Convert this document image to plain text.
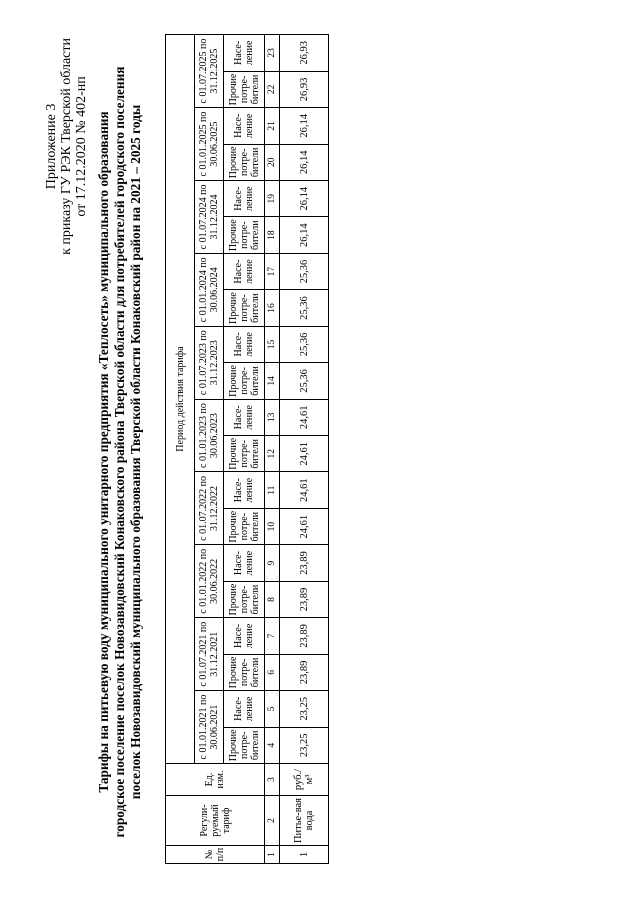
Приложение 3 к приказу ГУ РЭК Тверской области от 17.12.2020 № 402-нп Тарифы на питьевую воду муниципального унитарного предприятия «Теплосеть» муниципального образования городское поселение поселок Новозавидовский Конаковского района Тверской области для потребителей городского поселения поселок Новозавидовский муниципального образования Тверской области Конаковский район на 2021 – 2025 годы
№ п/п	Регули-руемый тариф	Ед. изм.	Период действия тарифа																			
			с 01.01.2021 по 30.06.2021		с 01.07.2021 по 31.12.2021		с 01.01.2022 по 30.06.2022		с 01.07.2022 по 31.12.2022		с 01.01.2023 по 30.06.2023		с 01.07.2023 по 31.12.2023		с 01.01.2024 по 30.06.2024		с 01.07.2024 по 31.12.2024		с 01.01.2025 по 30.06.2025		с 01.07.2025 по 31.12.2025	
			Прочие потре-бители	Насе-ление	Прочие потре-бители	Насе-ление	Прочие потре-бители	Насе-ление	Прочие потре-бители	Насе-ление	Прочие потре-бители	Насе-ление	Прочие потре-бители	Насе-ление	Прочие потре-бители	Насе-ление	Прочие потре-бители	Насе-ление	Прочие потре-бители	Насе-ление	Прочие потре-бители	Насе-ление
1	2	3	4	5	6	7	8	9	10	11	12	13	14	15	16	17	18	19	20	21	22	23
1	Питье-вая вода	руб./м³	23,25	23,25	23,89	23,89	23,89	23,89	24,61	24,61	24,61	24,61	25,36	25,36	25,36	25,36	26,14	26,14	26,14	26,14	26,93	26,93
